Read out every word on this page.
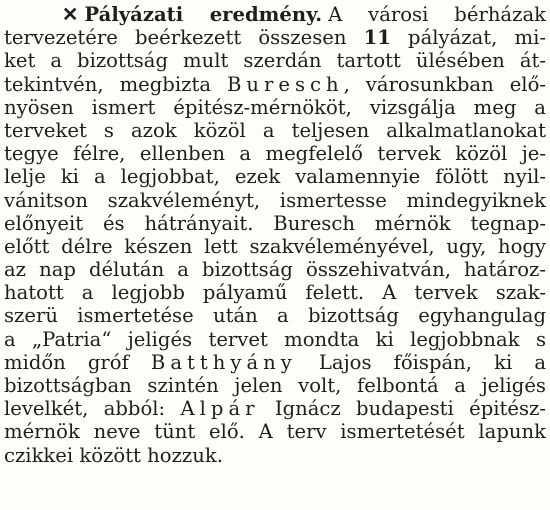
✕ Pályázati eredmény. A városi bérházak
tervezetére beérkezett összesen 11 pályázat, mi-
ket a bizottság mult szerdán tartott ülésében át-
tekintvén, megbizta Buresch, városunkban elő-
nyösen ismert épitész-mérnököt, vizsgálja meg a
terveket s azok közöl a teljesen alkalmatlanokat
tegye félre, ellenben a megfelelő tervek közöl je-
lelje ki a legjobbat, ezek valamennyie fölött nyil-
vánitson szakvéleményt, ismertesse mindegyiknek
előnyeit és hátrányait. Buresch mérnök tegnap-
előtt délre készen lett szakvéleményével, ugy, hogy
az nap délután a bizottság összehivatván, határoz-
hatott a legjobb pályamű felett. A tervek szak-
szerü ismertetése után a bizottság egyhangulag
a „Patria“ jeligés tervet mondta ki legjobbnak s
midőn gróf Batthyány Lajos főispán, ki a
bizottságban szintén jelen volt, felbontá a jeligés
levelkét, abból: Alpár Ignácz budapesti épitész-
mérnök neve tünt elő. A terv ismertetését lapunk
czikkei között hozzuk.
